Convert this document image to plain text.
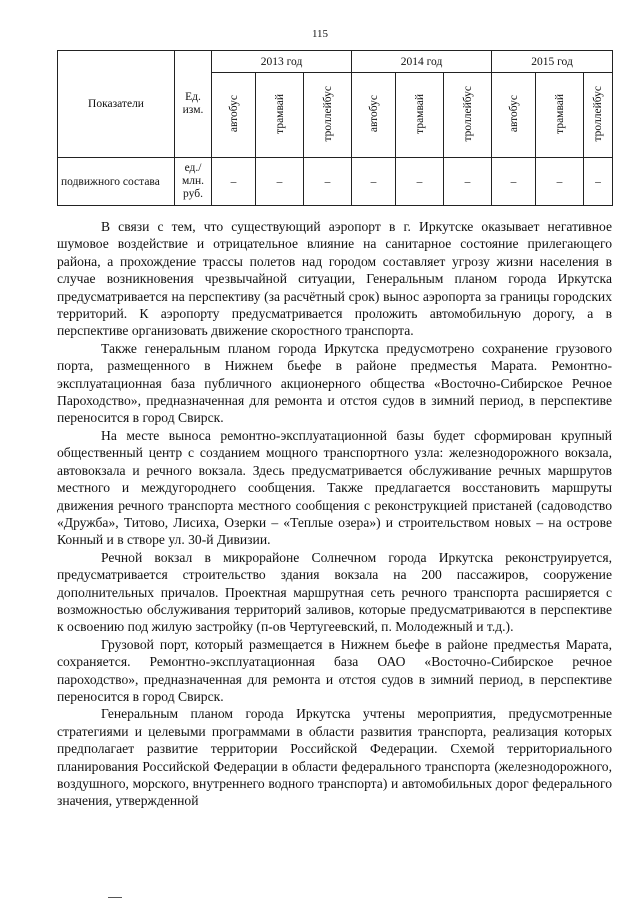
115
Показатели	Ед. изм.	2013 год			2014 год			2015 год		
		автобус	трамвай	троллейбус	автобус	трамвай	троллейбус	автобус	трамвай	троллейбус
подвижного состава	ед./ млн. руб.	–	–	–	–	–	–	–	–	–

В связи с тем, что существующий аэропорт в г. Иркутске оказывает негативное шумовое воздействие и отрицательное влияние на санитарное состояние прилегающего района, а прохождение трассы полетов над городом составляет угрозу жизни населения в случае возникновения чрезвычайной ситуации, Генеральным планом города Иркутска предусматривается на перспективу (за расчётный срок) вынос аэропорта за границы городских территорий. К аэропорту предусматривается проложить автомобильную дорогу, а в перспективе организовать движение скоростного транспорта.

Также генеральным планом города Иркутска предусмотрено сохранение грузового порта, размещенного в Нижнем бьефе в районе предместья Марата. Ремонтно-эксплуатационная база публичного акционерного общества «Восточно-Сибирское Речное Пароходство», предназначенная для ремонта и отстоя судов в зимний период, в перспективе переносится в город Свирск.

На месте выноса ремонтно-эксплуатационной базы будет сформирован крупный общественный центр с созданием мощного транспортного узла: железнодорожного вокзала, автовокзала и речного вокзала. Здесь предусматривается обслуживание речных маршрутов местного и междугороднего сообщения. Также предлагается восстановить маршруты движения речного транспорта местного сообщения с реконструкцией пристаней (садоводство «Дружба», Титово, Лисиха, Озерки – «Теплые озера») и строительством новых – на острове Конный и в створе ул. 30-й Дивизии.

Речной вокзал в микрорайоне Солнечном города Иркутска реконструируется, предусматривается строительство здания вокзала на 200 пассажиров, сооружение дополнительных причалов. Проектная маршрутная сеть речного транспорта расширяется с возможностью обслуживания территорий заливов, которые предусматриваются в перспективе к освоению под жилую застройку (п-ов Чертугеевский, п. Молодежный и т.д.).

Грузовой порт, который размещается в Нижнем бьефе в районе предместья Марата, сохраняется. Ремонтно-эксплуатационная база ОАО «Восточно-Сибирское речное пароходство», предназначенная для ремонта и отстоя судов в зимний период, в перспективе переносится в город Свирск.

Генеральным планом города Иркутска учтены мероприятия, предусмотренные стратегиями и целевыми программами в области развития транспорта, реализация которых предполагает развитие территории Российской Федерации. Схемой территориального планирования Российской Федерации в области федерального транспорта (железнодорожного, воздушного, морского, внутреннего водного транспорта) и автомобильных дорог федерального значения, утвержденной
